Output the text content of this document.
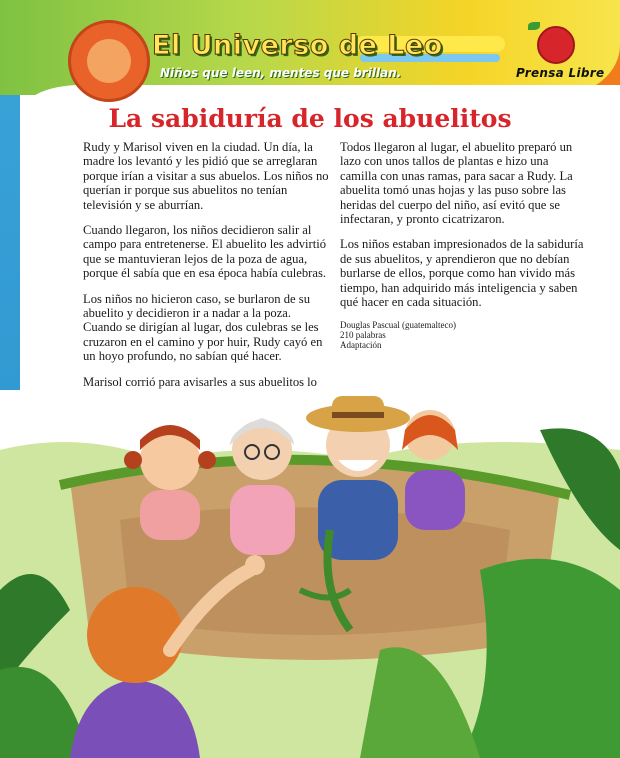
El Universo de Leo
Niños que leen, mentes que brillan.	Prensa Libre
La sabiduría de los abuelitos

Rudy y Marisol viven en la ciudad. Un día, la madre los levantó y les pidió que se arreglaran porque irían a visitar a sus abuelos. Los niños no querían ir porque sus abuelitos no tenían televisión y se aburrían.

Cuando llegaron, los niños decidieron salir al campo para entretenerse. El abuelito les advirtió que se mantuvieran lejos de la poza de agua, porque él sabía que en esa época había culebras.

Los niños no hicieron caso, se burlaron de su abuelito y decidieron ir a nadar a la poza. Cuando se dirigían al lugar, dos culebras se les cruzaron en el camino y por huir, Rudy cayó en un hoyo profundo, no sabían qué hacer.

Marisol corrió para avisarles a sus abuelitos lo

Todos llegaron al lugar, el abuelito preparó un lazo con unos tallos de plantas e hizo una camilla con unas ramas, para sacar a Rudy. La abuelita tomó unas hojas y las puso sobre las heridas del cuerpo del niño, así evitó que se infectaran, y pronto cicatrizaron.

Los niños estaban impresionados de la sabiduría de sus abuelitos, y aprendieron que no debían burlarse de ellos, porque como han vivido más tiempo, han adquirido más inteligencia y saben qué hacer en cada situación.

Douglas Pascual (guatemalteco)
210 palabras
Adaptación
